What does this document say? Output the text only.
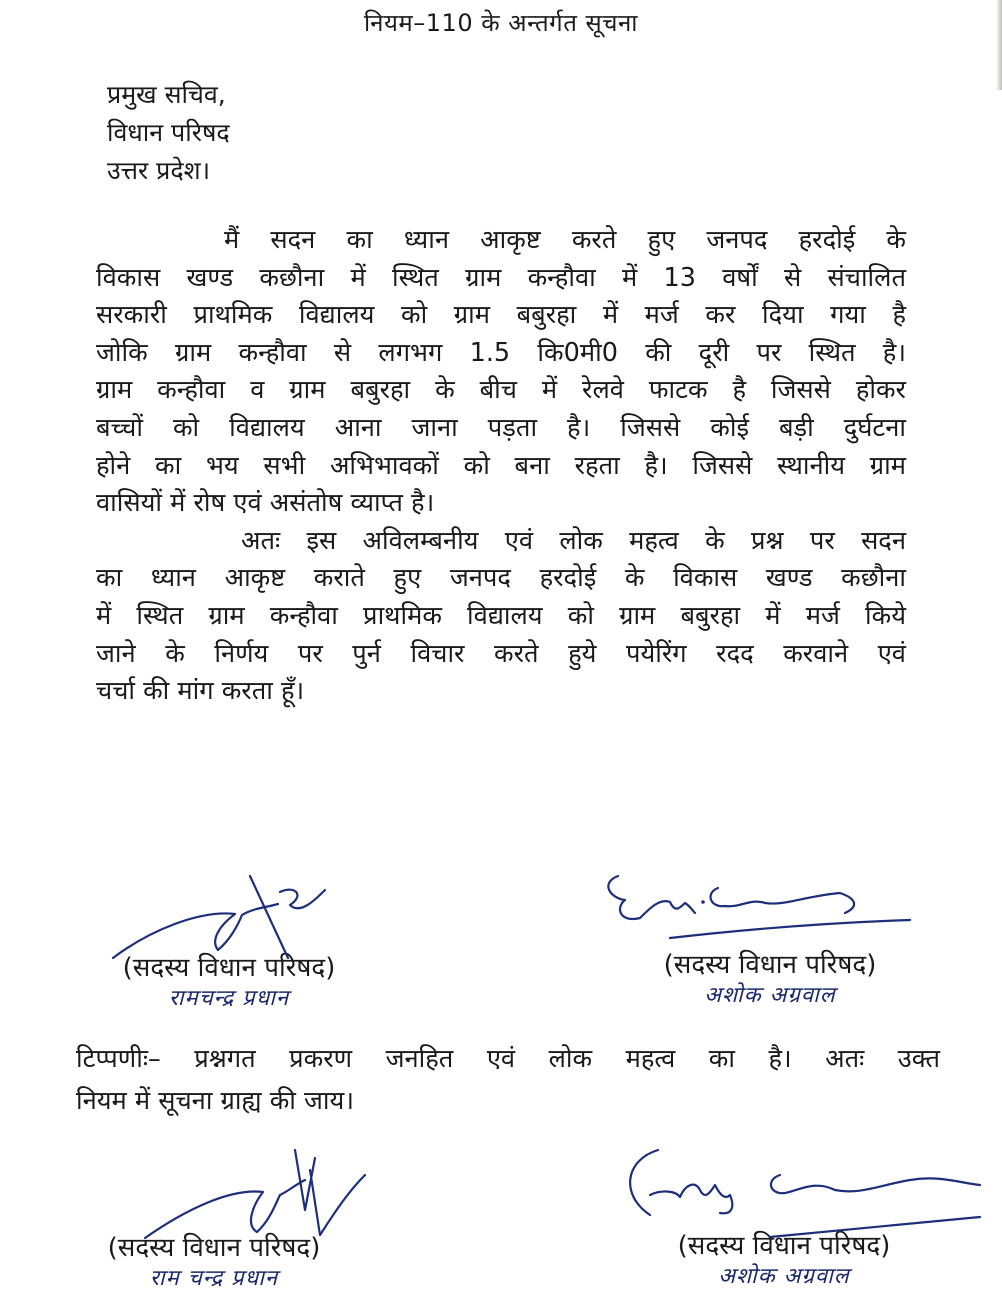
नियम–110 के अन्तर्गत सूचना
प्रमुख सचिव,
विधान परिषद
उत्तर प्रदेश।
मैं सदन का ध्यान आकृष्ट करते हुए जनपद हरदोई के
विकास खण्ड कछौना में स्थित ग्राम कन्हौवा में 13 वर्षों से संचालित
सरकारी प्राथमिक विद्यालय को ग्राम बबुरहा में मर्ज कर दिया गया है
जोकि ग्राम कन्हौवा से लगभग 1.5 कि0मी0 की दूरी पर स्थित है।
ग्राम कन्हौवा व ग्राम बबुरहा के बीच में रेलवे फाटक है जिससे होकर
बच्चों को विद्यालय आना जाना पड़ता है। जिससे कोई बड़ी दुर्घटना
होने का भय सभी अभिभावकों को बना रहता है। जिससे स्थानीय ग्राम
वासियों में रोष एवं असंतोष व्याप्त है।
अतः इस अविलम्बनीय एवं लोक महत्व के प्रश्न पर सदन
का ध्यान आकृष्ट कराते हुए जनपद हरदोई के विकास खण्ड कछौना
में स्थित ग्राम कन्हौवा प्राथमिक विद्यालय को ग्राम बबुरहा में मर्ज किये
जाने के निर्णय पर पुर्न विचार करते हुये पयेरिंग रदद करवाने एवं
चर्चा की मांग करता हूँ।
(सदस्य विधान परिषद)
रामचन्द्र प्रधान
(सदस्य विधान परिषद)
अशोक अग्रवाल
टिप्पणीः– प्रश्नगत प्रकरण जनहित एवं लोक महत्व का है। अतः उक्त
नियम में सूचना ग्राह्य की जाय।
(सदस्य विधान परिषद)
राम चन्द्र प्रधान
(सदस्य विधान परिषद)
अशोक अग्रवाल
